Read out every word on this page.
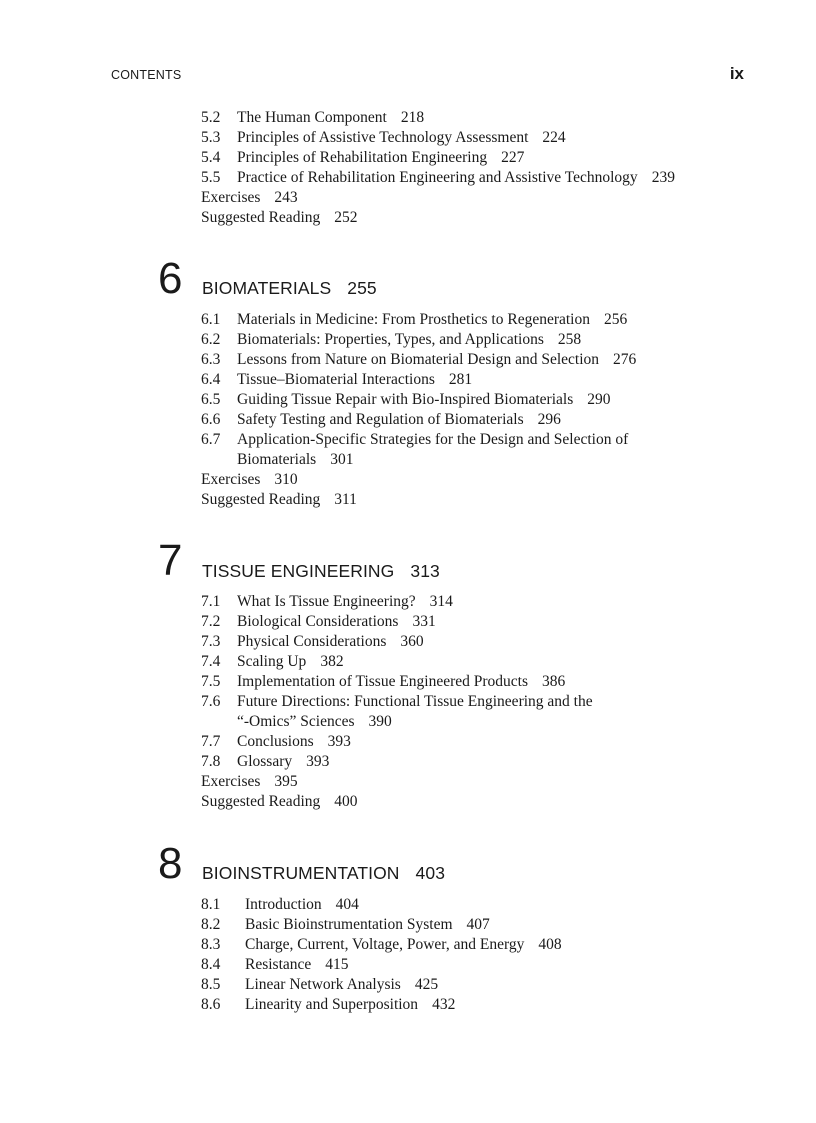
CONTENTS	ix
5.2 The Human Component 218
5.3 Principles of Assistive Technology Assessment 224
5.4 Principles of Rehabilitation Engineering 227
5.5 Practice of Rehabilitation Engineering and Assistive Technology 239
Exercises 243
Suggested Reading 252
6 BIOMATERIALS 255
6.1 Materials in Medicine: From Prosthetics to Regeneration 256
6.2 Biomaterials: Properties, Types, and Applications 258
6.3 Lessons from Nature on Biomaterial Design and Selection 276
6.4 Tissue–Biomaterial Interactions 281
6.5 Guiding Tissue Repair with Bio-Inspired Biomaterials 290
6.6 Safety Testing and Regulation of Biomaterials 296
6.7 Application-Specific Strategies for the Design and Selection of
Biomaterials 301
Exercises 310
Suggested Reading 311
7 TISSUE ENGINEERING 313
7.1 What Is Tissue Engineering? 314
7.2 Biological Considerations 331
7.3 Physical Considerations 360
7.4 Scaling Up 382
7.5 Implementation of Tissue Engineered Products 386
7.6 Future Directions: Functional Tissue Engineering and the
“-Omics” Sciences 390
7.7 Conclusions 393
7.8 Glossary 393
Exercises 395
Suggested Reading 400
8 BIOINSTRUMENTATION 403
8.1 Introduction 404
8.2 Basic Bioinstrumentation System 407
8.3 Charge, Current, Voltage, Power, and Energy 408
8.4 Resistance 415
8.5 Linear Network Analysis 425
8.6 Linearity and Superposition 432
